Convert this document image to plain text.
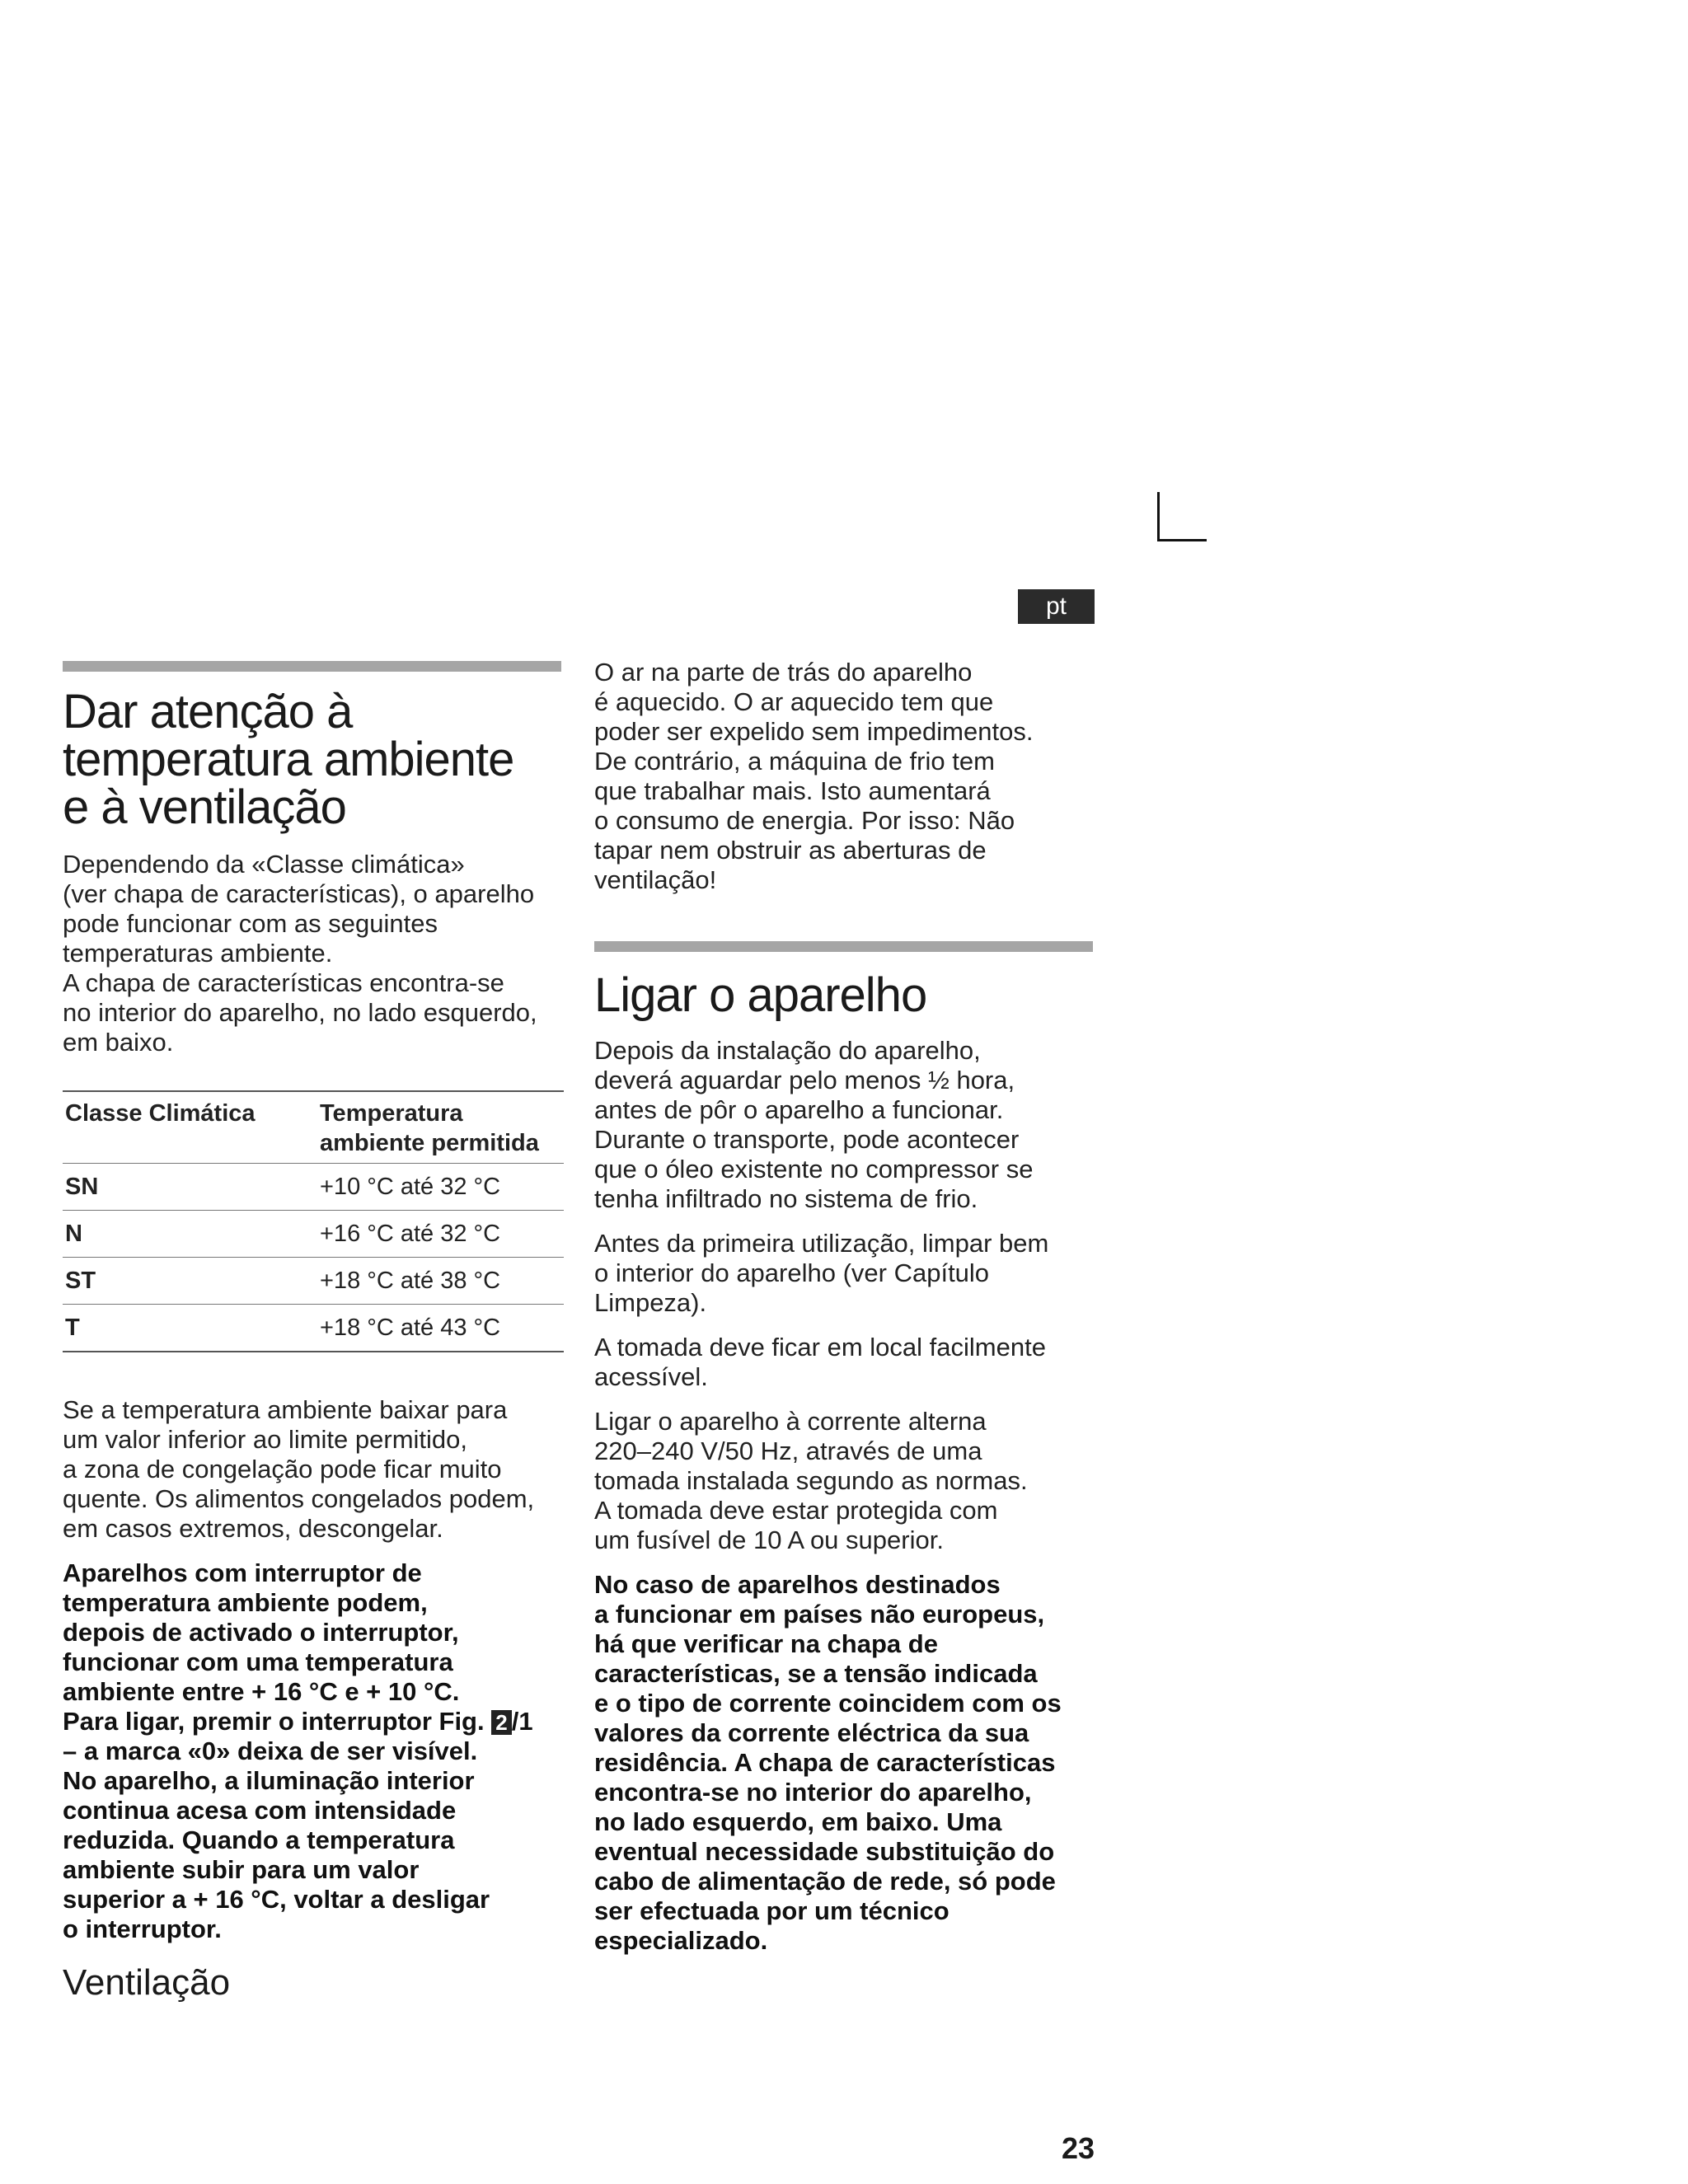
pt
Dar atenção à
temperatura ambiente
e à ventilação

Dependendo da «Classe climática»
(ver chapa de características), o aparelho
pode funcionar com as seguintes
temperaturas ambiente.
A chapa de características encontra-se
no interior do aparelho, no lado esquerdo,
em baixo.

Classe Climática	Temperatura
ambiente permitida
SN	+10 °C até 32 °C
N	+16 °C até 32 °C
ST	+18 °C até 38 °C
T	+18 °C até 43 °C

Se a temperatura ambiente baixar para
um valor inferior ao limite permitido,
a zona de congelação pode ficar muito
quente. Os alimentos congelados podem,
em casos extremos, descongelar.

Aparelhos com interruptor de
temperatura ambiente podem,
depois de activado o interruptor,
funcionar com uma temperatura
ambiente entre + 16 °C e + 10 °C.
Para ligar, premir o interruptor Fig. 2 /1
– a marca «0» deixa de ser visível.
No aparelho, a iluminação interior
continua acesa com intensidade
reduzida. Quando a temperatura
ambiente subir para um valor
superior a + 16 °C, voltar a desligar
o interruptor.

Ventilação

O ar na parte de trás do aparelho
é aquecido. O ar aquecido tem que
poder ser expelido sem impedimentos.
De contrário, a máquina de frio tem
que trabalhar mais. Isto aumentará
o consumo de energia. Por isso: Não
tapar nem obstruir as aberturas de
ventilação!

Ligar o aparelho

Depois da instalação do aparelho,
deverá aguardar pelo menos ½ hora,
antes de pôr o aparelho a funcionar.
Durante o transporte, pode acontecer
que o óleo existente no compressor se
tenha infiltrado no sistema de frio.

Antes da primeira utilização, limpar bem
o interior do aparelho (ver Capítulo
Limpeza).

A tomada deve ficar em local facilmente
acessível.

Ligar o aparelho à corrente alterna
220–240 V/50 Hz, através de uma
tomada instalada segundo as normas.
A tomada deve estar protegida com
um fusível de 10 A ou superior.

No caso de aparelhos destinados
a funcionar em países não europeus,
há que verificar na chapa de
características, se a tensão indicada
e o tipo de corrente coincidem com os
valores da corrente eléctrica da sua
residência. A chapa de características
encontra-se no interior do aparelho,
no lado esquerdo, em baixo. Uma
eventual necessidade substituição do
cabo de alimentação de rede, só pode
ser efectuada por um técnico
especializado.

23
